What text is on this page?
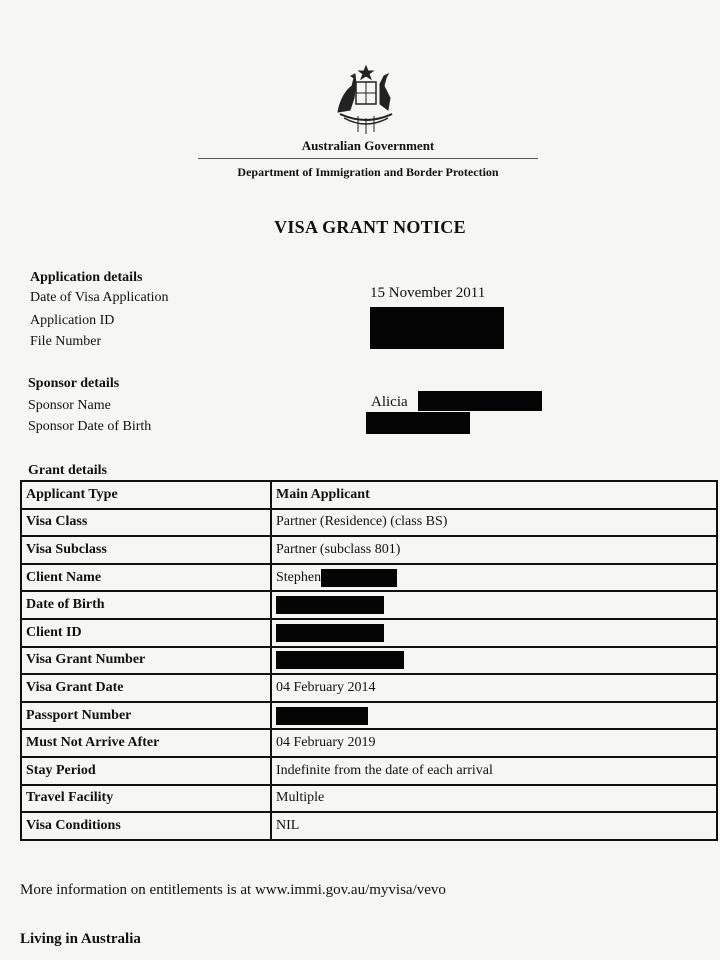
Australian Government
Department of Immigration and Border Protection
VISA GRANT NOTICE
Application details
Date of Visa Application	15 November 2011
Application ID
File Number
Sponsor details
Sponsor Name	Alicia
Sponsor Date of Birth
Grant details
Applicant Type	Main Applicant
Visa Class	Partner (Residence) (class BS)
Visa Subclass	Partner (subclass 801)
Client Name	Stephen
Date of Birth	
Client ID	
Visa Grant Number	
Visa Grant Date	04 February 2014
Passport Number	
Must Not Arrive After	04 February 2019
Stay Period	Indefinite from the date of each arrival
Travel Facility	Multiple
Visa Conditions	NIL
More information on entitlements is at www.immi.gov.au/myvisa/vevo
Living in Australia
